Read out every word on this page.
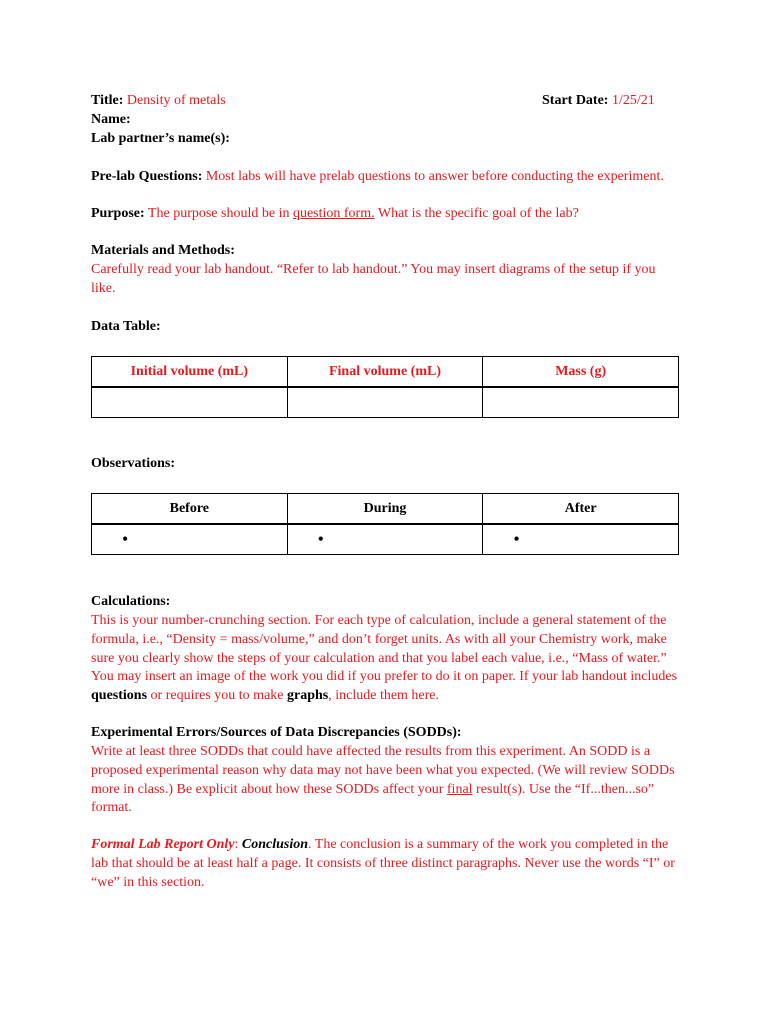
Title: Density of metals	Start Date: 1/25/21
Name:
Lab partner’s name(s):
Pre-lab Questions: Most labs will have prelab questions to answer before conducting the experiment.
Purpose: The purpose should be in question form. What is the specific goal of the lab?
Materials and Methods:
Carefully read your lab handout. “Refer to lab handout.” You may insert diagrams of the setup if you like.
Data Table:
Initial volume (mL)	Final volume (mL)	Mass (g)

Observations:
Before	During	After
•	•	•
Calculations:
This is your number-crunching section. For each type of calculation, include a general statement of the formula, i.e., “Density = mass/volume,” and don’t forget units. As with all your Chemistry work, make sure you clearly show the steps of your calculation and that you label each value, i.e., “Mass of water.” You may insert an image of the work you did if you prefer to do it on paper. If your lab handout includes questions or requires you to make graphs, include them here.
Experimental Errors/Sources of Data Discrepancies (SODDs):
Write at least three SODDs that could have affected the results from this experiment. An SODD is a proposed experimental reason why data may not have been what you expected. (We will review SODDs more in class.) Be explicit about how these SODDs affect your final result(s). Use the “If...then...so” format.
Formal Lab Report Only: Conclusion. The conclusion is a summary of the work you completed in the lab that should be at least half a page. It consists of three distinct paragraphs. Never use the words “I” or “we” in this section.
